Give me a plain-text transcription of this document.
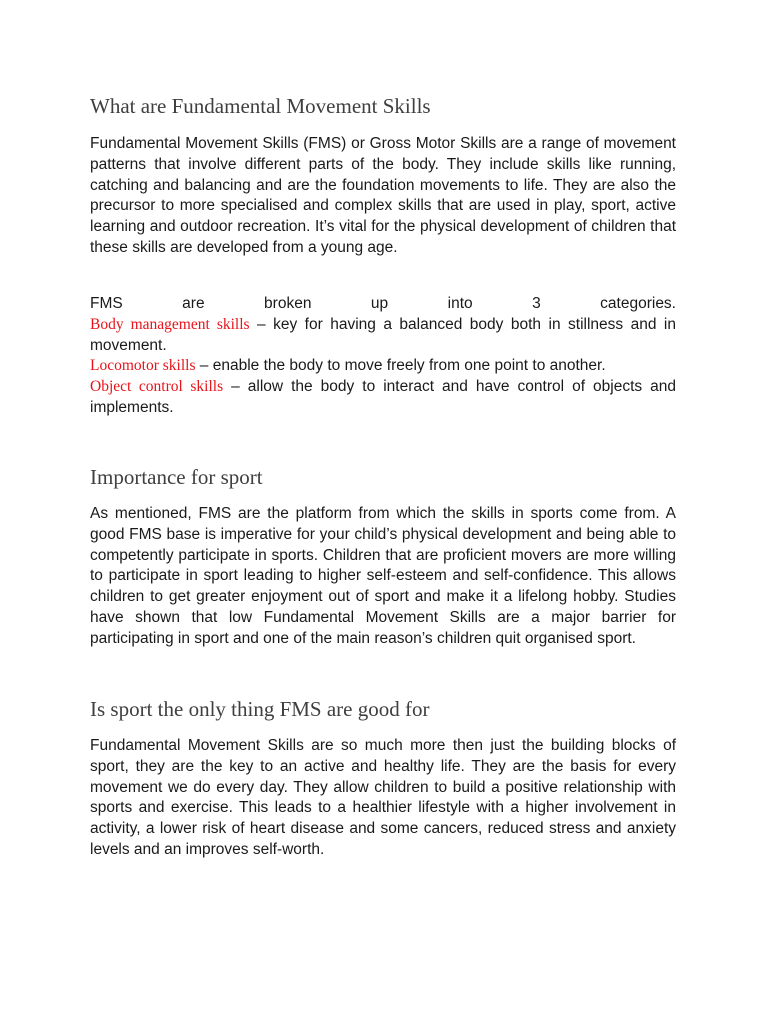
What are Fundamental Movement Skills

Fundamental Movement Skills (FMS) or Gross Motor Skills are a range of movement patterns that involve different parts of the body. They include skills like running, catching and balancing and are the foundation movements to life. They are also the precursor to more specialised and complex skills that are used in play, sport, active learning and outdoor recreation. It’s vital for the physical development of children that these skills are developed from a young age.

FMS are broken up into 3 categories.
Body management skills – key for having a balanced body both in stillness and in movement.
Locomotor skills – enable the body to move freely from one point to another.
Object control skills – allow the body to interact and have control of objects and implements.
Importance for sport

As mentioned, FMS are the platform from which the skills in sports come from. A good FMS base is imperative for your child’s physical development and being able to competently participate in sports. Children that are proficient movers are more willing to participate in sport leading to higher self-esteem and self-confidence. This allows children to get greater enjoyment out of sport and make it a lifelong hobby. Studies have shown that low Fundamental Movement Skills are a major barrier for participating in sport and one of the main reason’s children quit organised sport.

Is sport the only thing FMS are good for

Fundamental Movement Skills are so much more then just the building blocks of sport, they are the key to an active and healthy life. They are the basis for every movement we do every day. They allow children to build a positive relationship with sports and exercise. This leads to a healthier lifestyle with a higher involvement in activity, a lower risk of heart disease and some cancers, reduced stress and anxiety levels and an improves self-worth.
